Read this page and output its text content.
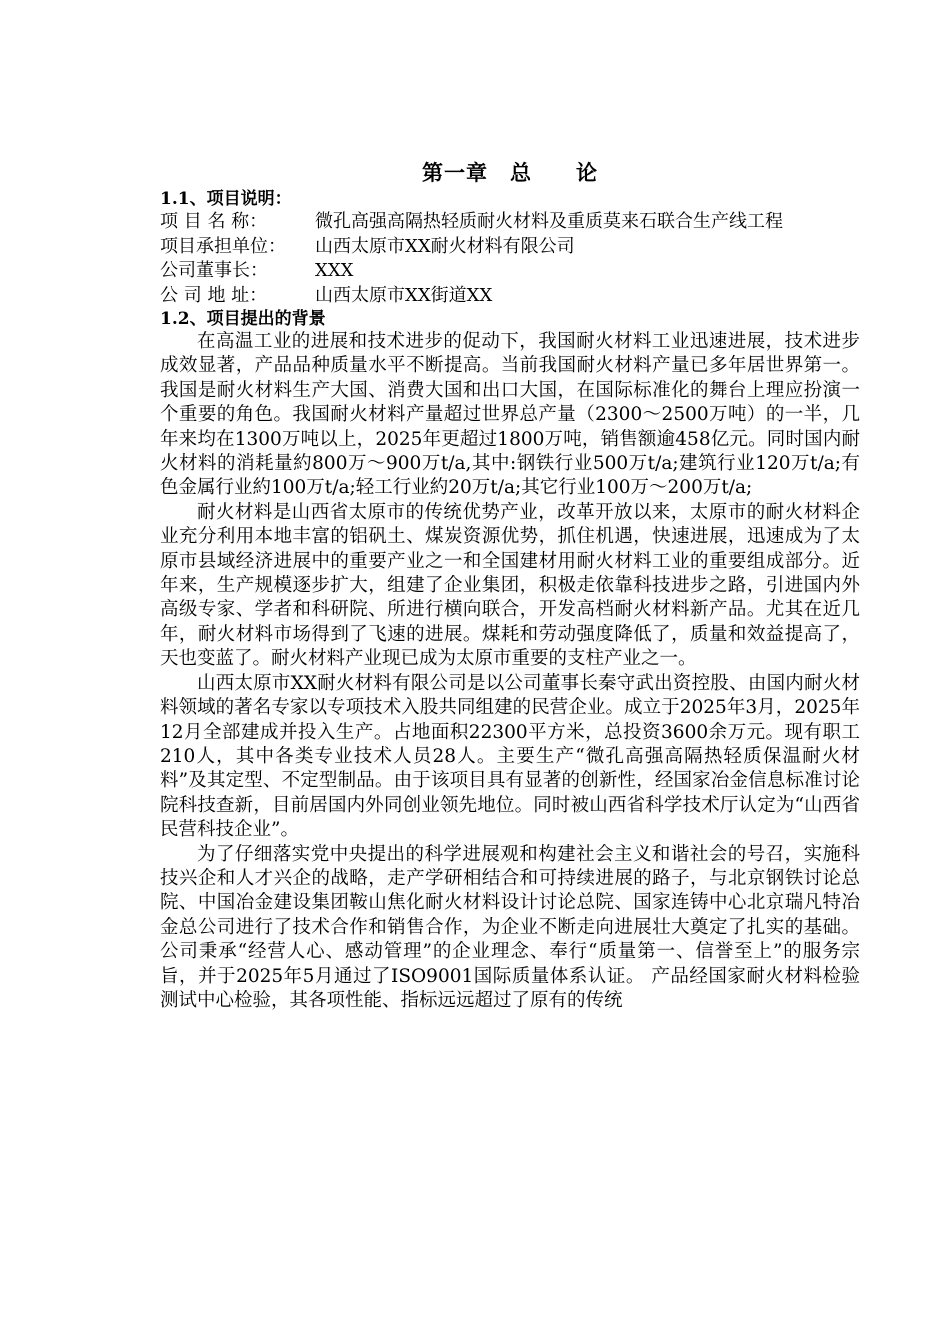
第一章　总　　论
1.1、项目说明：
项 目 名 称：	微孔高强高隔热轻质耐火材料及重质莫来石联合生产线工程
项目承担单位：	山西太原市XX耐火材料有限公司
公司董事长：	XXX
公 司 地 址：	山西太原市XX街道XX
1.2、项目提出的背景

在高温工业的进展和技术进步的促动下，我国耐火材料工业迅速进展，技术进步成效显著，产品品种质量水平不断提高。当前我国耐火材料产量已多年居世界第一。我国是耐火材料生产大国、消费大国和出口大国，在国际标准化的舞台上理应扮演一个重要的角色。我国耐火材料产量超过世界总产量（2300～2500万吨）的一半，几年来均在1300万吨以上，2025年更超过1800万吨，销售额逾458亿元。同时国内耐火材料的消耗量約800万～900万t/a,其中:钢铁行业500万t/a;建筑行业120万t/a;有色金属行业約100万t/a;轻工行业約20万t/a;其它行业100万～200万t/a;

耐火材料是山西省太原市的传统优势产业，改革开放以来，太原市的耐火材料企业充分利用本地丰富的铝矾土、煤炭资源优势，抓住机遇，快速进展，迅速成为了太原市县域经济进展中的重要产业之一和全国建材用耐火材料工业的重要组成部分。近年来，生产规模逐步扩大，组建了企业集团，积极走依靠科技进步之路，引进国内外高级专家、学者和科研院、所进行横向联合，开发高档耐火材料新产品。尤其在近几年，耐火材料市场得到了飞速的进展。煤耗和劳动强度降低了，质量和效益提高了，天也变蓝了。耐火材料产业现已成为太原市重要的支柱产业之一。

山西太原市XX耐火材料有限公司是以公司董事长秦守武出资控股、由国内耐火材料领域的著名专家以专项技术入股共同组建的民营企业。成立于2025年3月，2025年12月全部建成并投入生产。占地面积22300平方米，总投资3600余万元。现有职工210人，其中各类专业技术人员28人。主要生产“微孔高强高隔热轻质保温耐火材料”及其定型、不定型制品。由于该项目具有显著的创新性，经国家冶金信息标准讨论院科技查新，目前居国内外同创业领先地位。同时被山西省科学技术厅认定为“山西省民营科技企业”。

为了仔细落实党中央提出的科学进展观和构建社会主义和谐社会的号召，实施科技兴企和人才兴企的战略，走产学研相结合和可持续进展的路子，与北京钢铁讨论总院、中国冶金建设集团鞍山焦化耐火材料设计讨论总院、国家连铸中心北京瑞凡特冶金总公司进行了技术合作和销售合作，为企业不断走向进展壮大奠定了扎实的基础。公司秉承“经营人心、感动管理”的企业理念、奉行“质量第一、信誉至上”的服务宗旨，并于2025年5月通过了ISO9001国际质量体系认证。 产品经国家耐火材料检验测试中心检验，其各项性能、指标远远超过了原有的传统
